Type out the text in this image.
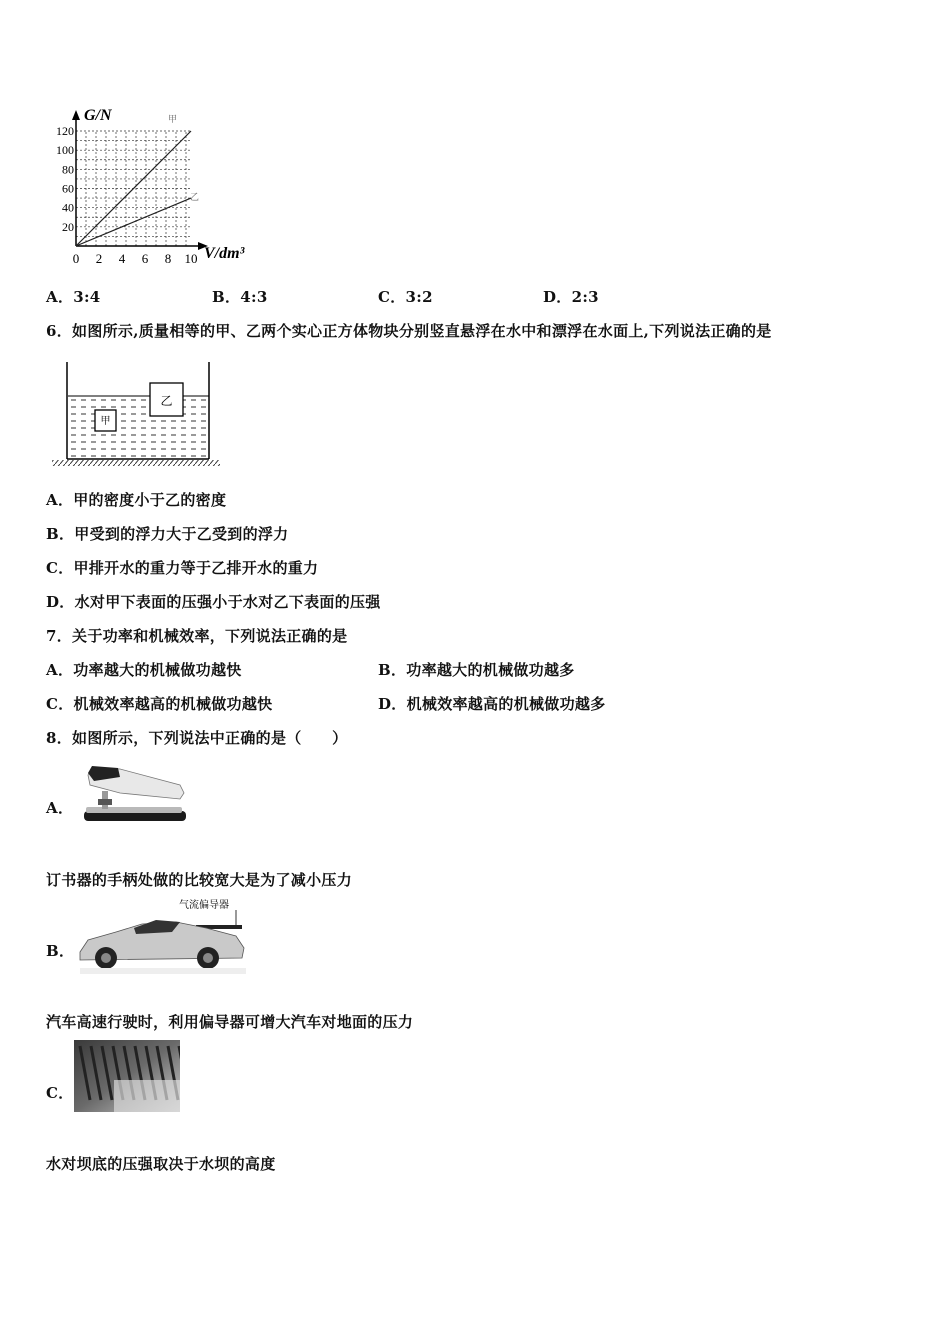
120
100
80
60
40
20
0 2 4 6 8 10
G/N
V/dm³
甲
乙
A．3:4	B．4:3	C．3:2	D．2:3
6．如图所示,质量相等的甲、乙两个实心正方体物块分别竖直悬浮在水中和漂浮在水面上,下列说法正确的是
甲
乙
A．甲的密度小于乙的密度
B．甲受到的浮力大于乙受到的浮力
C．甲排开水的重力等于乙排开水的重力
D．水对甲下表面的压强小于水对乙下表面的压强
7．关于功率和机械效率，下列说法正确的是
A．功率越大的机械做功越快	B．功率越大的机械做功越多
C．机械效率越高的机械做功越快	D．机械效率越高的机械做功越多
8．如图所示，下列说法中正确的是（　　）
A．
订书器的手柄处做的比较宽大是为了减小压力
B．
气流偏导器
汽车高速行驶时，利用偏导器可增大汽车对地面的压力
C．
水对坝底的压强取决于水坝的高度
